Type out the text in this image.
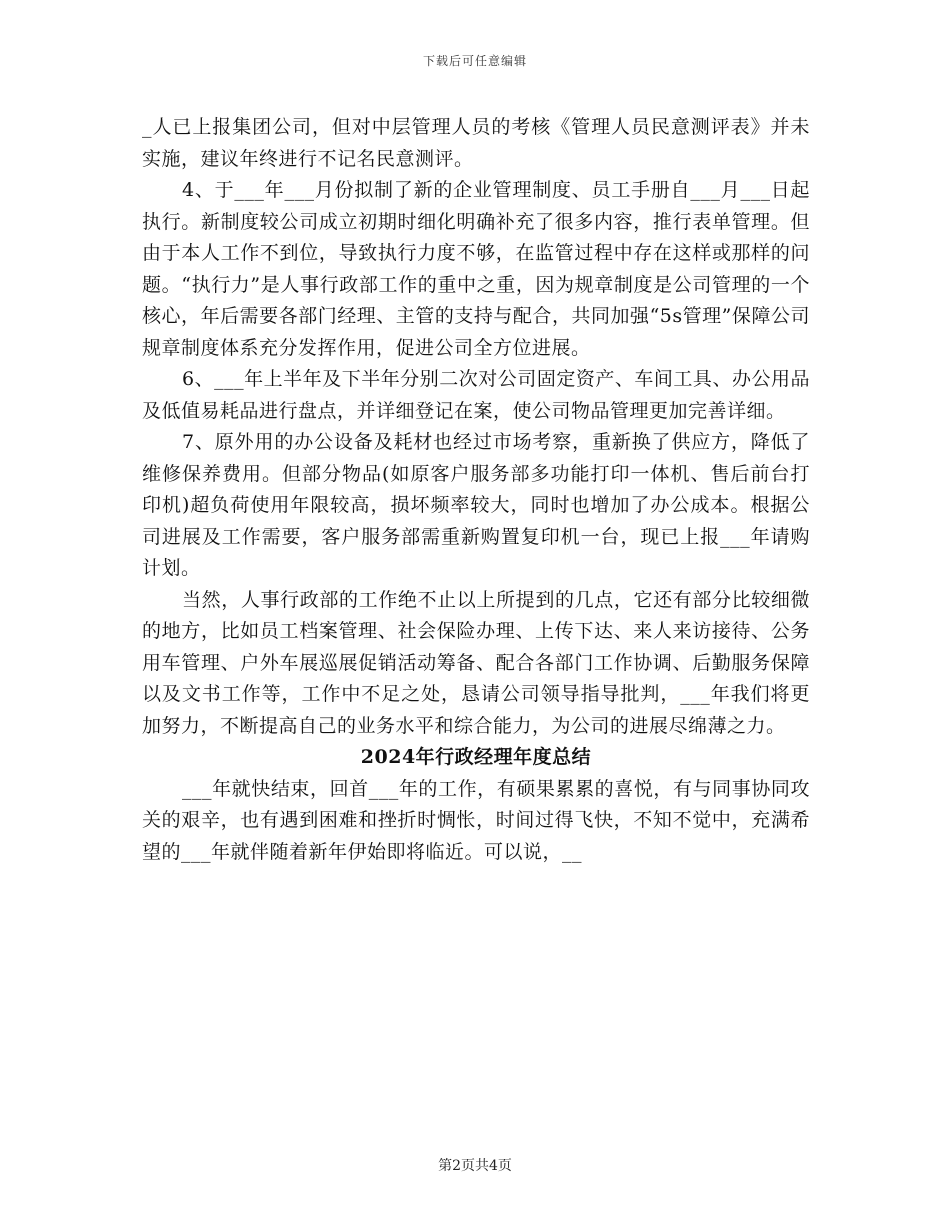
下载后可任意编辑

_人已上报集团公司，但对中层管理人员的考核《管理人员民意测评表》并未实施，建议年终进行不记名民意测评。

4、于___年___月份拟制了新的企业管理制度、员工手册自___月___日起执行。新制度较公司成立初期时细化明确补充了很多内容，推行表单管理。但由于本人工作不到位，导致执行力度不够，在监管过程中存在这样或那样的问题。“执行力”是人事行政部工作的重中之重，因为规章制度是公司管理的一个核心，年后需要各部门经理、主管的支持与配合，共同加强“5s管理”保障公司规章制度体系充分发挥作用，促进公司全方位进展。

6、___年上半年及下半年分别二次对公司固定资产、车间工具、办公用品及低值易耗品进行盘点，并详细登记在案，使公司物品管理更加完善详细。

7、原外用的办公设备及耗材也经过市场考察，重新换了供应方，降低了维修保养费用。但部分物品(如原客户服务部多功能打印一体机、售后前台打印机)超负荷使用年限较高，损坏频率较大，同时也增加了办公成本。根据公司进展及工作需要，客户服务部需重新购置复印机一台，现已上报___年请购计划。

当然，人事行政部的工作绝不止以上所提到的几点，它还有部分比较细微的地方，比如员工档案管理、社会保险办理、上传下达、来人来访接待、公务用车管理、户外车展巡展促销活动筹备、配合各部门工作协调、后勤服务保障以及文书工作等，工作中不足之处，恳请公司领导指导批判，___年我们将更加努力，不断提高自己的业务水平和综合能力，为公司的进展尽绵薄之力。

2024年行政经理年度总结

___年就快结束，回首___年的工作，有硕果累累的喜悦，有与同事协同攻关的艰辛，也有遇到困难和挫折时惆怅，时间过得飞快，不知不觉中，充满希望的___年就伴随着新年伊始即将临近。可以说，__

第2页共4页
